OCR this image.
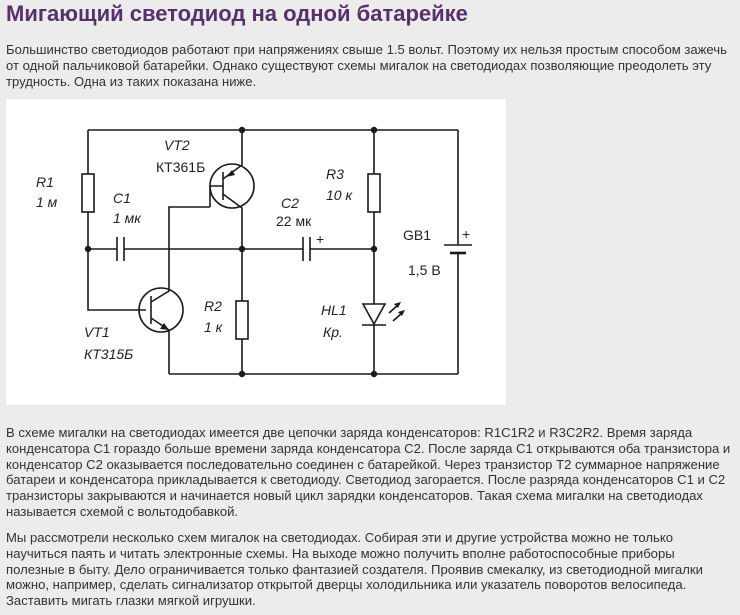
Мигающий светодиод на одной батарейке

Большинство светодиодов работают при напряжениях свыше 1.5 вольт. Поэтому их нельзя простым способом зажечь от одной пальчиковой батарейки. Однако существуют схемы мигалок на светодиодах позволяющие преодолеть эту трудность. Одна из таких показана ниже.

R1
1 м	C1
1 мк
VT2
КТ361Б
C2
22 мк
+
R3
10 к
GB1
1,5 В
+
R2
1 к
HL1
Кр.
VT1
КТ315Б

В схеме мигалки на светодиодах имеется две цепочки заряда конденсаторов: R1C1R2 и R3C2R2. Время заряда конденсатора С1 гораздо больше времени заряда конденсатора С2. После заряда С1 открываются оба транзистора и конденсатор С2 оказывается последовательно соединен с батарейкой. Через транзистор Т2 суммарное напряжение батареи и конденсатора прикладывается к светодиоду. Светодиод загорается. После разряда конденсаторов С1 и С2 транзисторы закрываются и начинается новый цикл зарядки конденсаторов. Такая схема мигалки на светодиодах называется схемой с вольтодобавкой.

Мы рассмотрели несколько схем мигалок на светодиодах. Собирая эти и другие устройства можно не только научиться паять и читать электронные схемы. На выходе можно получить вполне работоспособные приборы полезные в быту. Дело ограничивается только фантазией создателя. Проявив смекалку, из светодиодной мигалки можно, например, сделать сигнализатор открытой дверцы холодильника или указатель поворотов велосипеда. Заставить мигать глазки мягкой игрушки.
